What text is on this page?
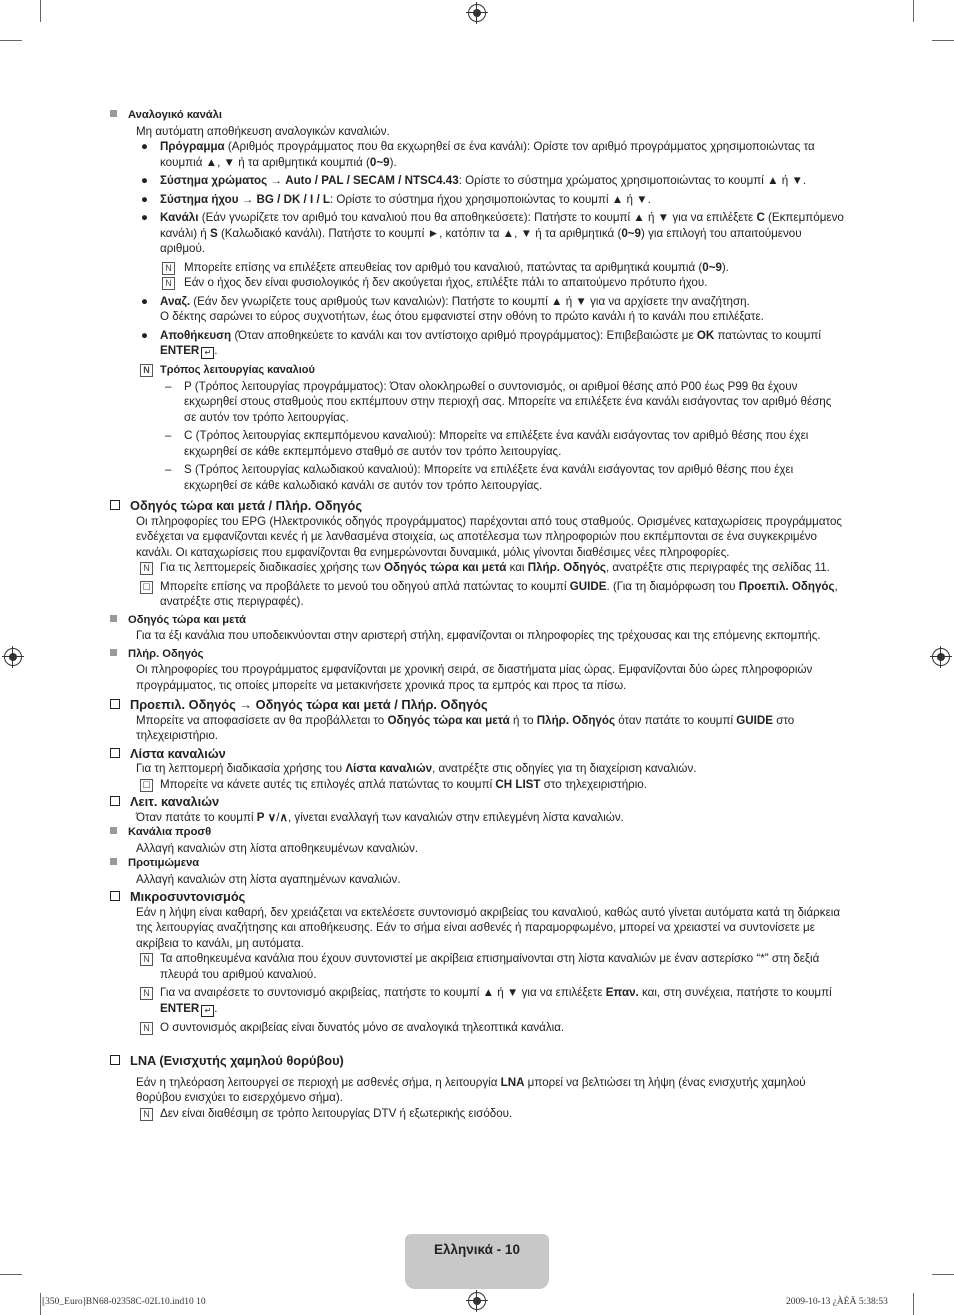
Αναλογικό κανάλι
Μη αυτόματη αποθήκευση αναλογικών καναλιών.
● Πρόγραμμα (Αριθμός προγράμματος που θα εκχωρηθεί σε ένα κανάλι): Ορίστε τον αριθμό προγράμματος χρησιμοποιώντας τα κουμπιά ▲, ▼ ή τα αριθμητικά κουμπιά (0~9).
● Σύστημα χρώματος → Auto / PAL / SECAM / NTSC4.43: Ορίστε το σύστημα χρώματος χρησιμοποιώντας το κουμπί ▲ ή ▼.
● Σύστημα ήχου → BG / DK / I / L: Ορίστε το σύστημα ήχου χρησιμοποιώντας το κουμπί ▲ ή ▼.
● Κανάλι (Εάν γνωρίζετε τον αριθμό του καναλιού που θα αποθηκεύσετε): Πατήστε το κουμπί ▲ ή ▼ για να επιλέξετε C (Εκπεμπόμενο κανάλι) ή S (Καλωδιακό κανάλι). Πατήστε το κουμπί ►, κατόπιν τα ▲, ▼ ή τα αριθμητικά (0~9) για επιλογή του απαιτούμενου αριθμού.
N Μπορείτε επίσης να επιλέξετε απευθείας τον αριθμό του καναλιού, πατώντας τα αριθμητικά κουμπιά (0~9).
N Εάν ο ήχος δεν είναι φυσιολογικός ή δεν ακούγεται ήχος, επιλέξτε πάλι το απαιτούμενο πρότυπο ήχου.
● Αναζ. (Εάν δεν γνωρίζετε τους αριθμούς των καναλιών): Πατήστε το κουμπί ▲ ή ▼ για να αρχίσετε την αναζήτηση.
Ο δέκτης σαρώνει το εύρος συχνοτήτων, έως ότου εμφανιστεί στην οθόνη το πρώτο κανάλι ή το κανάλι που επιλέξατε.
● Αποθήκευση (Όταν αποθηκεύετε το κανάλι και τον αντίστοιχο αριθμό προγράμματος): Επιβεβαιώστε με OK πατώντας το κουμπί ENTER ↵ .
N Τρόπος λειτουργίας καναλιού
– P (Τρόπος λειτουργίας προγράμματος): Όταν ολοκληρωθεί ο συντονισμός, οι αριθμοί θέσης από P00 έως P99 θα έχουν εκχωρηθεί στους σταθμούς που εκπέμπουν στην περιοχή σας. Μπορείτε να επιλέξετε ένα κανάλι εισάγοντας τον αριθμό θέσης σε αυτόν τον τρόπο λειτουργίας.
– C (Τρόπος λειτουργίας εκπεμπόμενου καναλιού): Μπορείτε να επιλέξετε ένα κανάλι εισάγοντας τον αριθμό θέσης που έχει εκχωρηθεί σε κάθε εκπεμπόμενο σταθμό σε αυτόν τον τρόπο λειτουργίας.
– S (Τρόπος λειτουργίας καλωδιακού καναλιού): Μπορείτε να επιλέξετε ένα κανάλι εισάγοντας τον αριθμό θέσης που έχει εκχωρηθεί σε κάθε καλωδιακό κανάλι σε αυτόν τον τρόπο λειτουργίας.
Οδηγός τώρα και μετά / Πλήρ. Οδηγός
Οι πληροφορίες του EPG (Ηλεκτρονικός οδηγός προγράμματος) παρέχονται από τους σταθμούς. Ορισμένες καταχωρίσεις προγράμματος ενδέχεται να εμφανίζονται κενές ή με λανθασμένα στοιχεία, ως αποτέλεσμα των πληροφοριών που εκπέμπονται σε ένα συγκεκριμένο κανάλι. Οι καταχωρίσεις που εμφανίζονται θα ενημερώνονται δυναμικά, μόλις γίνονται διαθέσιμες νέες πληροφορίες.
N Για τις λεπτομερείς διαδικασίες χρήσης των Οδηγός τώρα και μετά και Πλήρ. Οδηγός, ανατρέξτε στις περιγραφές της σελίδας 11.
☐ Μπορείτε επίσης να προβάλετε το μενού του οδηγού απλά πατώντας το κουμπί GUIDE. (Για τη διαμόρφωση του Προεπιλ. Οδηγός, ανατρέξτε στις περιγραφές).
Οδηγός τώρα και μετά
Για τα έξι κανάλια που υποδεικνύονται στην αριστερή στήλη, εμφανίζονται οι πληροφορίες της τρέχουσας και της επόμενης εκπομπής.
Πλήρ. Οδηγός
Οι πληροφορίες του προγράμματος εμφανίζονται με χρονική σειρά, σε διαστήματα μίας ώρας. Εμφανίζονται δύο ώρες πληροφοριών προγράμματος, τις οποίες μπορείτε να μετακινήσετε χρονικά προς τα εμπρός και προς τα πίσω.
Προεπιλ. Οδηγός → Οδηγός τώρα και μετά / Πλήρ. Οδηγός
Μπορείτε να αποφασίσετε αν θα προβάλλεται το Οδηγός τώρα και μετά ή το Πλήρ. Οδηγός όταν πατάτε το κουμπί GUIDE στο τηλεχειριστήριο.
Λίστα καναλιών
Για τη λεπτομερή διαδικασία χρήσης του Λίστα καναλιών, ανατρέξτε στις οδηγίες για τη διαχείριση καναλιών.
☐ Μπορείτε να κάνετε αυτές τις επιλογές απλά πατώντας το κουμπί CH LIST στο τηλεχειριστήριο.
Λειτ. καναλιών
Όταν πατάτε το κουμπί P ∨/∧, γίνεται εναλλαγή των καναλιών στην επιλεγμένη λίστα καναλιών.
Κανάλια προσθ
Αλλαγή καναλιών στη λίστα αποθηκευμένων καναλιών.
Προτιμώμενα
Αλλαγή καναλιών στη λίστα αγαπημένων καναλιών.
Μικροσυντονισμός
Εάν η λήψη είναι καθαρή, δεν χρειάζεται να εκτελέσετε συντονισμό ακριβείας του καναλιού, καθώς αυτό γίνεται αυτόματα κατά τη διάρκεια της λειτουργίας αναζήτησης και αποθήκευσης. Εάν το σήμα είναι ασθενές ή παραμορφωμένο, μπορεί να χρειαστεί να συντονίσετε με ακρίβεια το κανάλι, μη αυτόματα.
N Τα αποθηκευμένα κανάλια που έχουν συντονιστεί με ακρίβεια επισημαίνονται στη λίστα καναλιών με έναν αστερίσκο “*” στη δεξιά πλευρά του αριθμού καναλιού.
N Για να αναιρέσετε το συντονισμό ακριβείας, πατήστε το κουμπί ▲ ή ▼ για να επιλέξετε Επαν. και, στη συνέχεια, πατήστε το κουμπί ENTER ↵ .
N Ο συντονισμός ακριβείας είναι δυνατός μόνο σε αναλογικά τηλεοπτικά κανάλια.
LNA (Ενισχυτής χαμηλού θορύβου)
Εάν η τηλεόραση λειτουργεί σε περιοχή με ασθενές σήμα, η λειτουργία LNA μπορεί να βελτιώσει τη λήψη (ένας ενισχυτής χαμηλού θορύβου ενισχύει το εισερχόμενο σήμα).
N Δεν είναι διαθέσιμη σε τρόπο λειτουργίας DTV ή εξωτερικής εισόδου.
Ελληνικά - 10
[350_Euro]BN68-02358C-02L10.ind10 10	2009-10-13 ¿ÀÈÄ 5:38:53
